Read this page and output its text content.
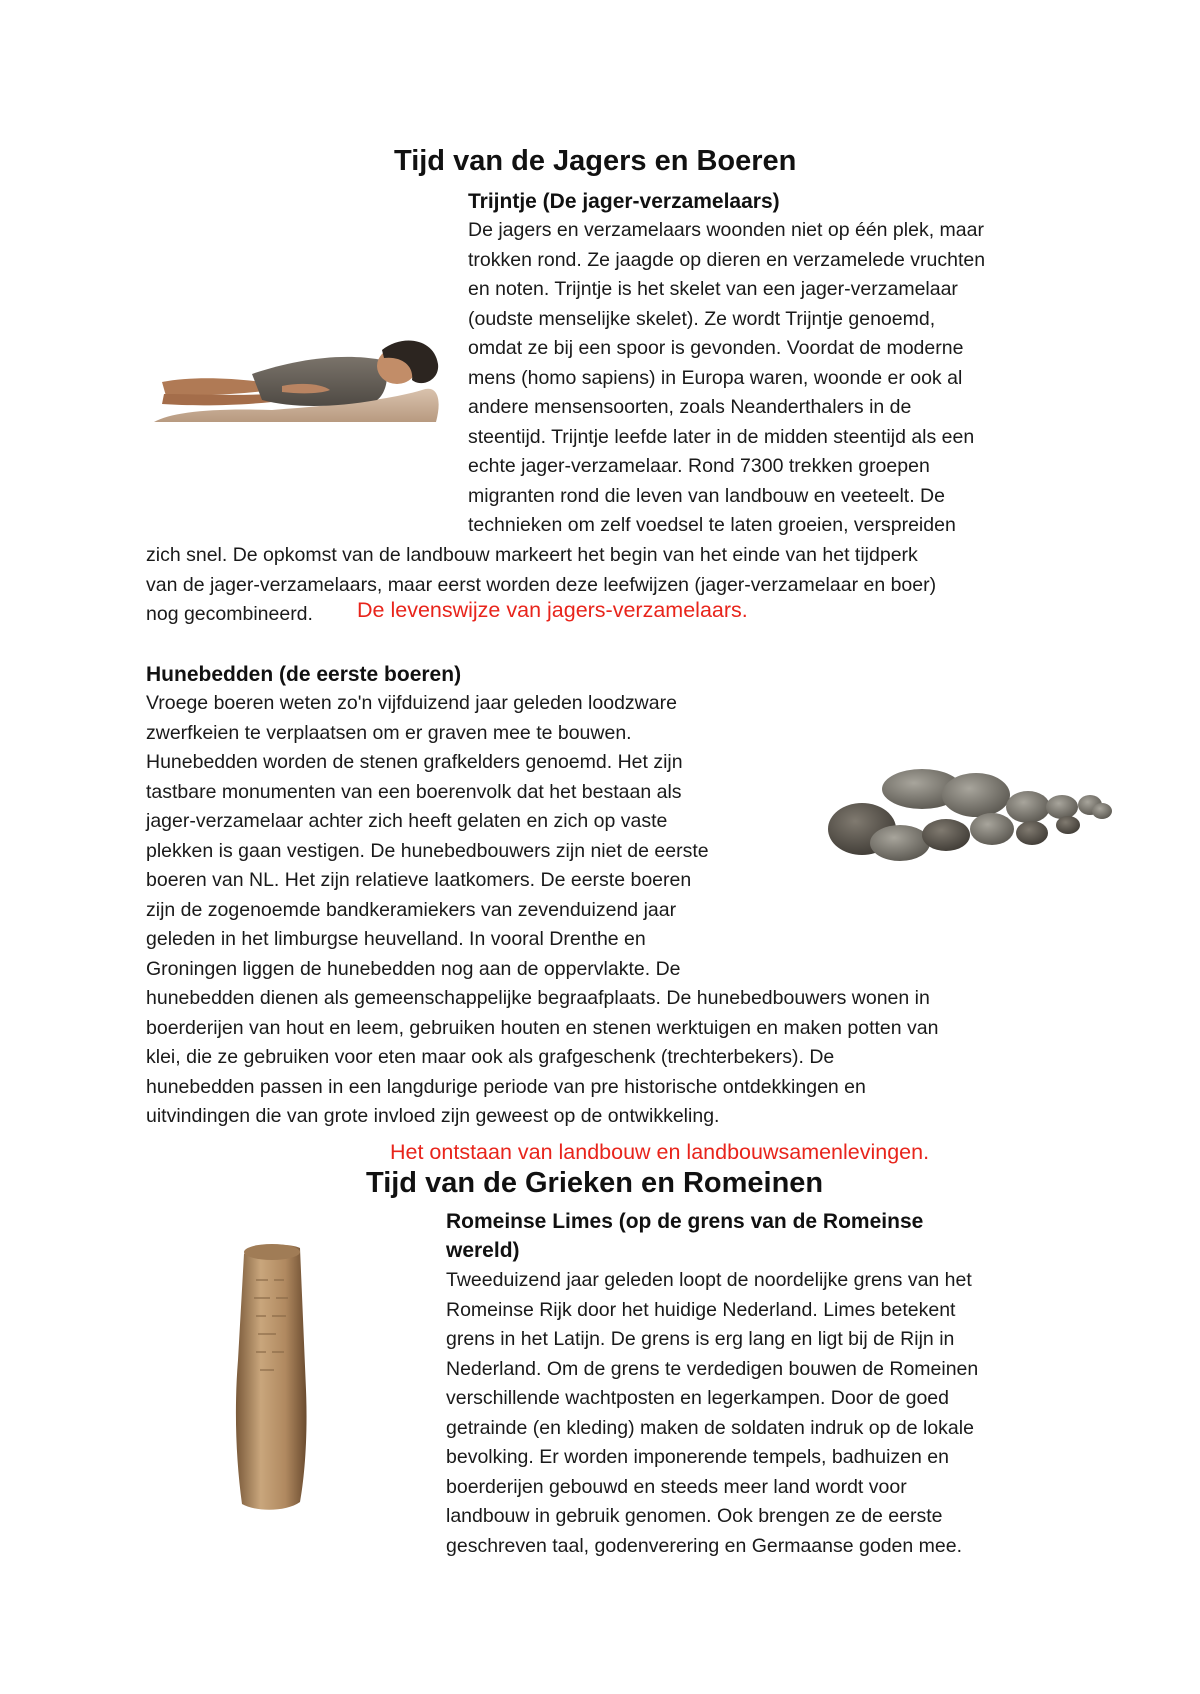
Tijd van de Jagers en Boeren
Trijntje (De jager-verzamelaars)
De jagers en verzamelaars woonden niet op één plek, maar
trokken rond. Ze jaagde op dieren en verzamelede vruchten
en noten. Trijntje is het skelet van een jager-verzamelaar
(oudste menselijke skelet). Ze wordt Trijntje genoemd,
omdat ze bij een spoor is gevonden. Voordat de moderne
mens (homo sapiens) in Europa waren, woonde er ook al
andere mensensoorten, zoals Neanderthalers in de
steentijd. Trijntje leefde later in de midden steentijd als een
echte jager-verzamelaar. Rond 7300 trekken groepen
migranten rond die leven van landbouw en veeteelt. De
technieken om zelf voedsel te laten groeien, verspreiden
zich snel. De opkomst van de landbouw markeert het begin van het einde van het tijdperk
van de jager-verzamelaars, maar eerst worden deze leefwijzen (jager-verzamelaar en boer)
nog gecombineerd. De levenswijze van jagers-verzamelaars.
Hunebedden (de eerste boeren)
Vroege boeren weten zo'n vijfduizend jaar geleden loodzware
zwerfkeien te verplaatsen om er graven mee te bouwen.
Hunebedden worden de stenen grafkelders genoemd. Het zijn
tastbare monumenten van een boerenvolk dat het bestaan als
jager-verzamelaar achter zich heeft gelaten en zich op vaste
plekken is gaan vestigen. De hunebedbouwers zijn niet de eerste
boeren van NL. Het zijn relatieve laatkomers. De eerste boeren
zijn de zogenoemde bandkeramiekers van zevenduizend jaar
geleden in het limburgse heuvelland. In vooral Drenthe en
Groningen liggen de hunebedden nog aan de oppervlakte. De
hunebedden dienen als gemeenschappelijke begraafplaats. De hunebedbouwers wonen in
boerderijen van hout en leem, gebruiken houten en stenen werktuigen en maken potten van
klei, die ze gebruiken voor eten maar ook als grafgeschenk (trechterbekers). De
hunebedden passen in een langdurige periode van pre historische ontdekkingen en
uitvindingen die van grote invloed zijn geweest op de ontwikkeling.
Het ontstaan van landbouw en landbouwsamenlevingen.
Tijd van de Grieken en Romeinen
Romeinse Limes (op de grens van de Romeinse
wereld)
Tweeduizend jaar geleden loopt de noordelijke grens van het
Romeinse Rijk door het huidige Nederland. Limes betekent
grens in het Latijn. De grens is erg lang en ligt bij de Rijn in
Nederland. Om de grens te verdedigen bouwen de Romeinen
verschillende wachtposten en legerkampen. Door de goed
getrainde (en kleding) maken de soldaten indruk op de lokale
bevolking. Er worden imponerende tempels, badhuizen en
boerderijen gebouwd en steeds meer land wordt voor
landbouw in gebruik genomen. Ook brengen ze de eerste
geschreven taal, godenverering en Germaanse goden mee.
